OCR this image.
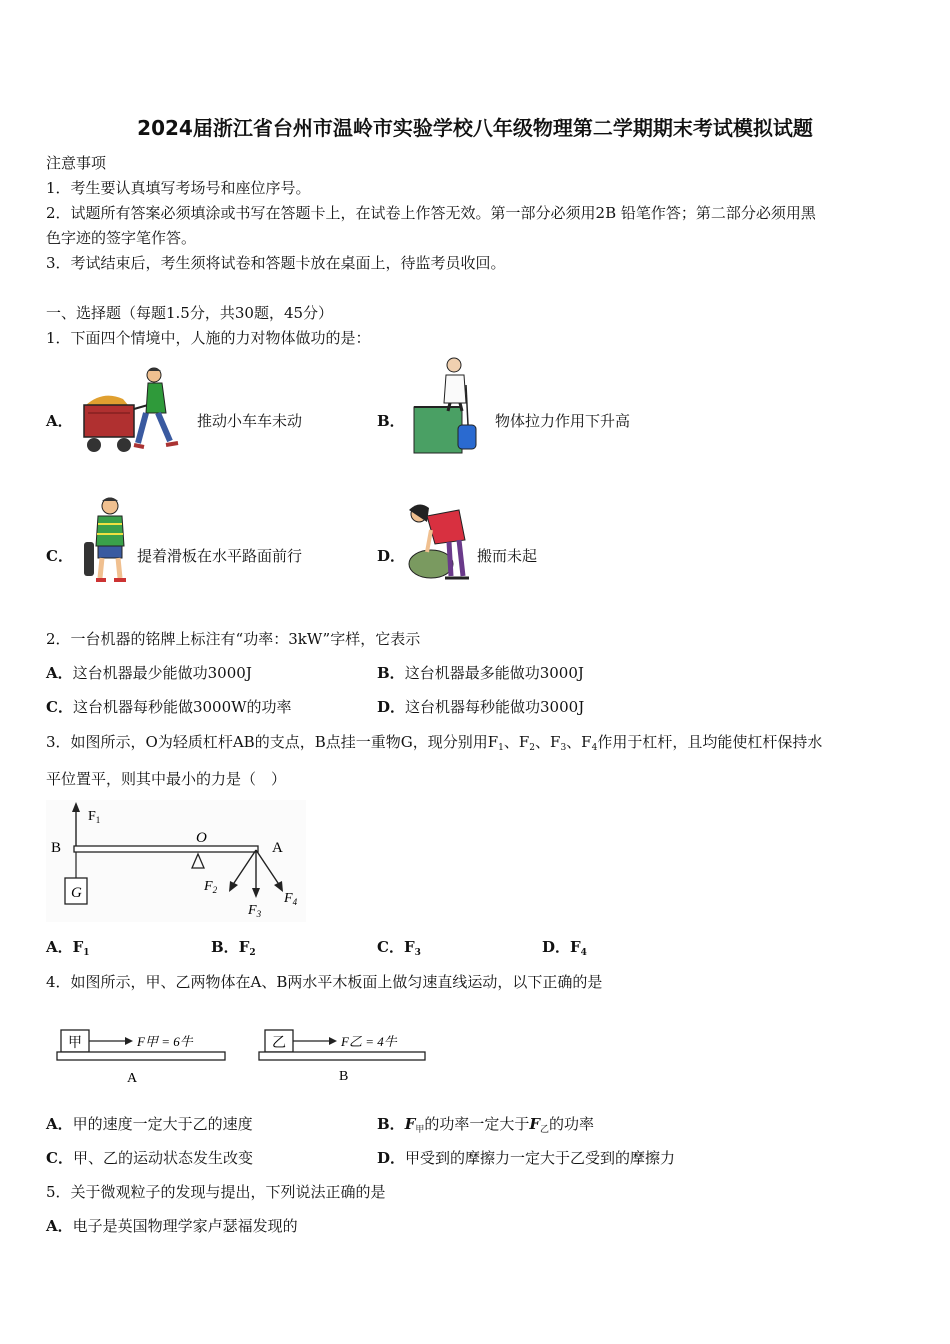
2024届浙江省台州市温岭市实验学校八年级物理第二学期期末考试模拟试题
注意事项
1．考生要认真填写考场号和座位序号。
2．试题所有答案必须填涂或书写在答题卡上，在试卷上作答无效。第一部分必须用2B 铅笔作答；第二部分必须用黑
色字迹的签字笔作答。
3．考试结束后，考生须将试卷和答题卡放在桌面上，待监考员收回。
一、选择题（每题1.5分，共30题，45分）
1．下面四个情境中，人施的力对物体做功的是：
A．	推动小车车未动	B．	物体拉力作用下升高
C．	提着滑板在水平路面前行	D．	搬而未起
2．一台机器的铭牌上标注有“功率：3kW”字样，它表示
A．这台机器最少能做功3000J	B．这台机器最多能做功3000J
C．这台机器每秒能做3000W的功率	D．这台机器每秒能做功3000J
3．如图所示，O为轻质杠杆AB的支点，B点挂一重物G，现分别用$F_1$、$F_2$、$F_3$、$F_4$作用于杠杆，且均能使杠杆保持水
平位置平，则其中最小的力是（　）
B	A
O
G
$F_1$
$F_2$
$F_3$
$F_4$
A．$F_1$	B．$F_2$	C．$F_3$	D．$F_4$
4．如图所示，甲、乙两物体在A、B两水平木板面上做匀速直线运动，以下正确的是
甲	F甲 = 6牛
A
乙	F乙 = 4牛
B
A．甲的速度一定大于乙的速度	B．$F_甲$的功率一定大于$F_乙$的功率
C．甲、乙的运动状态发生改变	D．甲受到的摩擦力一定大于乙受到的摩擦力
5．关于微观粒子的发现与提出，下列说法正确的是
A．电子是英国物理学家卢瑟福发现的
